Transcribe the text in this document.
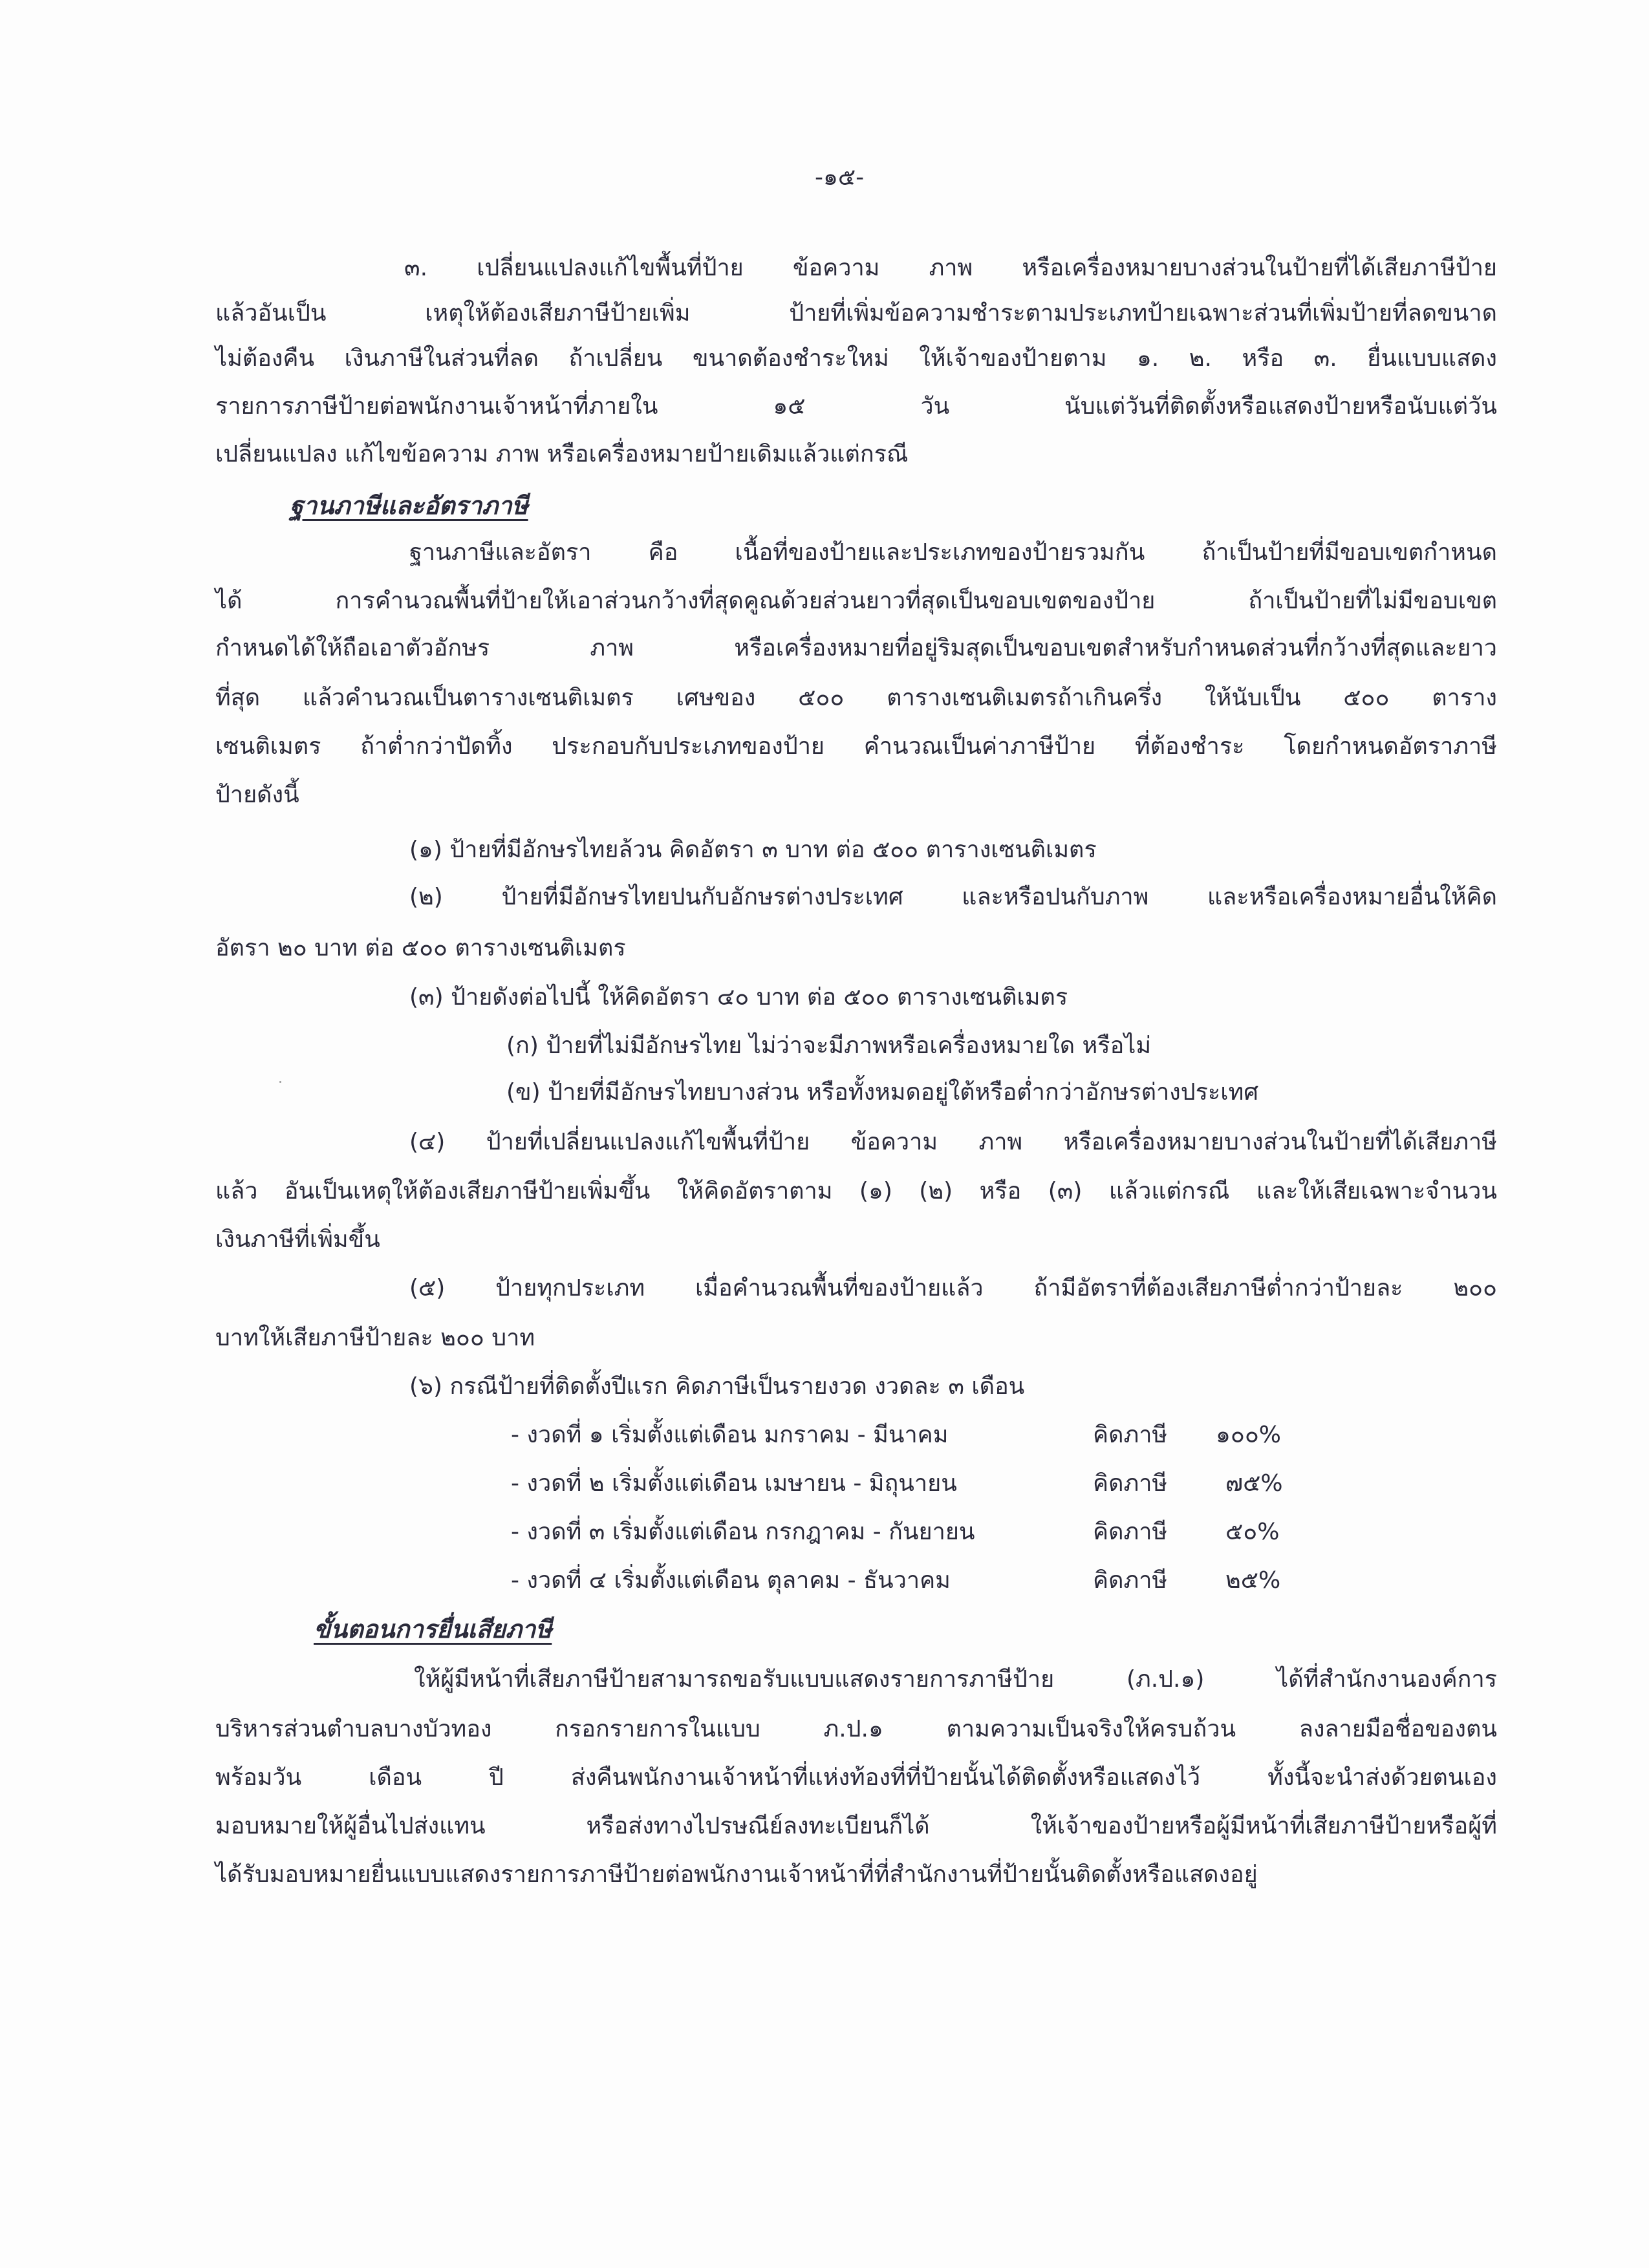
-๑๕-
๓. เปลี่ยนแปลงแก้ไขพื้นที่ป้าย ข้อความ ภาพ หรือเครื่องหมายบางส่วนในป้ายที่ได้เสียภาษีป้าย
แล้วอันเป็น เหตุให้ต้องเสียภาษีป้ายเพิ่ม ป้ายที่เพิ่มข้อความชำระตามประเภทป้ายเฉพาะส่วนที่เพิ่มป้ายที่ลดขนาด
ไม่ต้องคืน เงินภาษีในส่วนที่ลด ถ้าเปลี่ยน ขนาดต้องชำระใหม่ ให้เจ้าของป้ายตาม ๑. ๒. หรือ ๓. ยื่นแบบแสดง
รายการภาษีป้ายต่อพนักงานเจ้าหน้าที่ภายใน ๑๕ วัน นับแต่วันที่ติดตั้งหรือแสดงป้ายหรือนับแต่วัน
เปลี่ยนแปลง แก้ไขข้อความ ภาพ หรือเครื่องหมายป้ายเดิมแล้วแต่กรณี
ฐานภาษีและอัตราภาษี
ฐานภาษีและอัตรา คือ เนื้อที่ของป้ายและประเภทของป้ายรวมกัน ถ้าเป็นป้ายที่มีขอบเขตกำหนด
ได้ การคำนวณพื้นที่ป้ายให้เอาส่วนกว้างที่สุดคูณด้วยส่วนยาวที่สุดเป็นขอบเขตของป้าย ถ้าเป็นป้ายที่ไม่มีขอบเขต
กำหนดได้ให้ถือเอาตัวอักษร ภาพ หรือเครื่องหมายที่อยู่ริมสุดเป็นขอบเขตสำหรับกำหนดส่วนที่กว้างที่สุดและยาว
ที่สุด แล้วคำนวณเป็นตารางเซนติเมตร เศษของ ๕๐๐ ตารางเซนติเมตรถ้าเกินครึ่ง ให้นับเป็น ๕๐๐ ตาราง
เซนติเมตร ถ้าต่ำกว่าปัดทิ้ง ประกอบกับประเภทของป้าย คำนวณเป็นค่าภาษีป้าย ที่ต้องชำระ โดยกำหนดอัตราภาษี
ป้ายดังนี้
(๑) ป้ายที่มีอักษรไทยล้วน คิดอัตรา ๓ บาท ต่อ ๕๐๐ ตารางเซนติเมตร
(๒) ป้ายที่มีอักษรไทยปนกับอักษรต่างประเทศ และหรือปนกับภาพ และหรือเครื่องหมายอื่นให้คิด
อัตรา ๒๐ บาท ต่อ ๕๐๐ ตารางเซนติเมตร
(๓) ป้ายดังต่อไปนี้ ให้คิดอัตรา ๔๐ บาท ต่อ ๕๐๐ ตารางเซนติเมตร
(ก) ป้ายที่ไม่มีอักษรไทย ไม่ว่าจะมีภาพหรือเครื่องหมายใด หรือไม่
(ข) ป้ายที่มีอักษรไทยบางส่วน หรือทั้งหมดอยู่ใต้หรือต่ำกว่าอักษรต่างประเทศ
(๔) ป้ายที่เปลี่ยนแปลงแก้ไขพื้นที่ป้าย ข้อความ ภาพ หรือเครื่องหมายบางส่วนในป้ายที่ได้เสียภาษี
แล้ว อันเป็นเหตุให้ต้องเสียภาษีป้ายเพิ่มขึ้น ให้คิดอัตราตาม (๑) (๒) หรือ (๓) แล้วแต่กรณี และให้เสียเฉพาะจำนวน
เงินภาษีที่เพิ่มขึ้น
(๕) ป้ายทุกประเภท เมื่อคำนวณพื้นที่ของป้ายแล้ว ถ้ามีอัตราที่ต้องเสียภาษีต่ำกว่าป้ายละ ๒๐๐
บาทให้เสียภาษีป้ายละ ๒๐๐ บาท
(๖) กรณีป้ายที่ติดตั้งปีแรก คิดภาษีเป็นรายงวด งวดละ ๓ เดือน
- งวดที่ ๑ เริ่มตั้งแต่เดือน มกราคม - มีนาคม	คิดภาษี ๑๐๐%
- งวดที่ ๒ เริ่มตั้งแต่เดือน เมษายน - มิถุนายน	คิดภาษี ๗๕%
- งวดที่ ๓ เริ่มตั้งแต่เดือน กรกฎาคม - กันยายน	คิดภาษี ๕๐%
- งวดที่ ๔ เริ่มตั้งแต่เดือน ตุลาคม - ธันวาคม	คิดภาษี ๒๕%
ขั้นตอนการยื่นเสียภาษี
ให้ผู้มีหน้าที่เสียภาษีป้ายสามารถขอรับแบบแสดงรายการภาษีป้าย (ภ.ป.๑) ได้ที่สำนักงานองค์การ
บริหารส่วนตำบลบางบัวทอง กรอกรายการในแบบ ภ.ป.๑ ตามความเป็นจริงให้ครบถ้วน ลงลายมือชื่อของตน
พร้อมวัน เดือน ปี ส่งคืนพนักงานเจ้าหน้าที่แห่งท้องที่ที่ป้ายนั้นได้ติดตั้งหรือแสดงไว้ ทั้งนี้จะนำส่งด้วยตนเอง
มอบหมายให้ผู้อื่นไปส่งแทน หรือส่งทางไปรษณีย์ลงทะเบียนก็ได้ ให้เจ้าของป้ายหรือผู้มีหน้าที่เสียภาษีป้ายหรือผู้ที่
ได้รับมอบหมายยื่นแบบแสดงรายการภาษีป้ายต่อพนักงานเจ้าหน้าที่ที่สำนักงานที่ป้ายนั้นติดตั้งหรือแสดงอยู่
